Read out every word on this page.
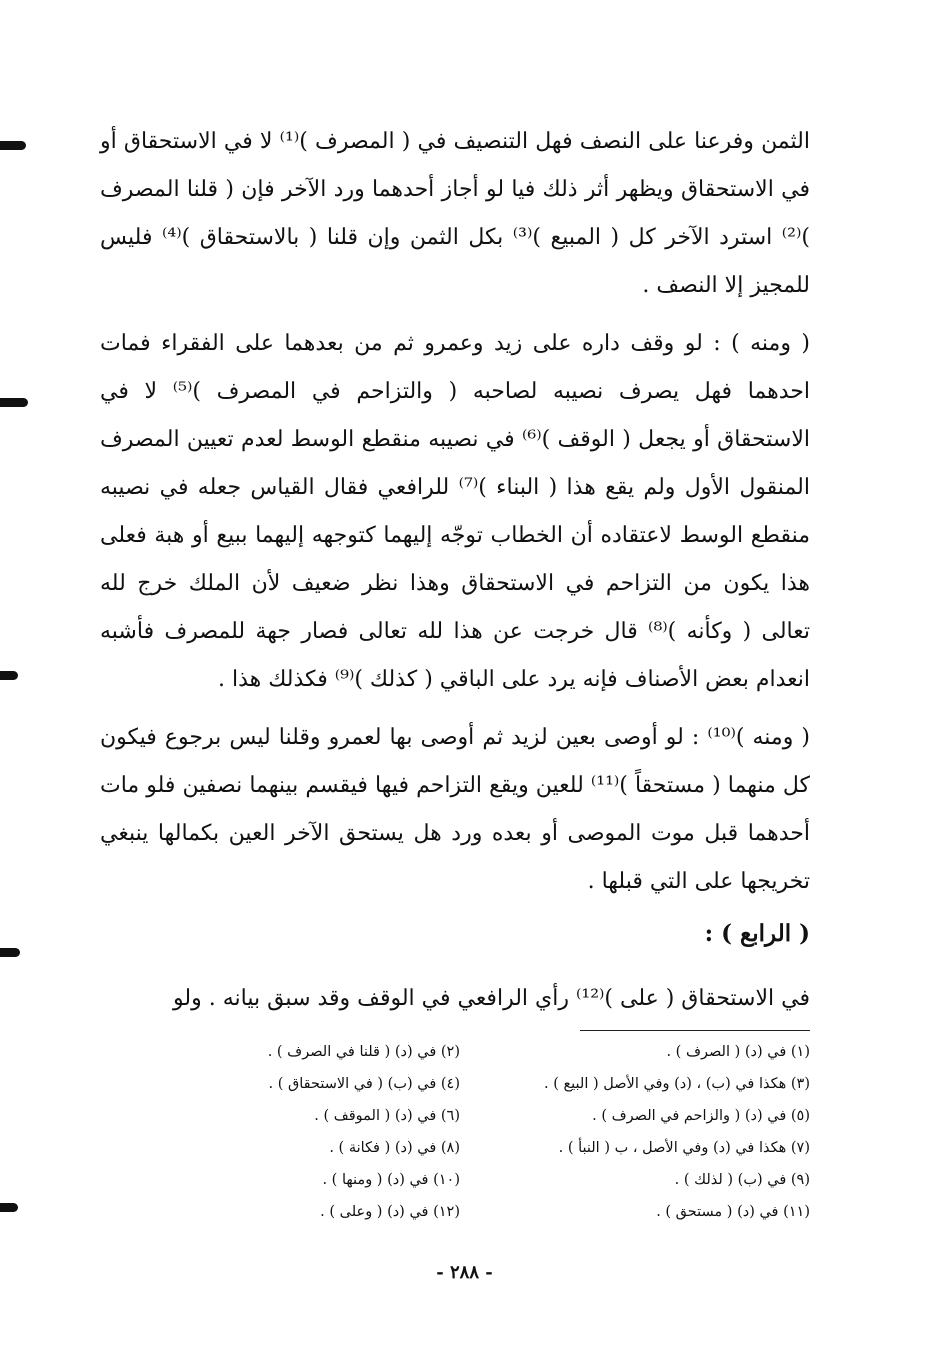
الثمن وفرعنا على النصف فهل التنصيف في ( المصرف )⁽¹⁾ لا في الاستحقاق أو في الاستحقاق ويظهر أثر ذلك فيا لو أجاز أحدهما ورد الآخر فإن ( قلنا المصرف )⁽²⁾ استرد الآخر كل ( المبيع )⁽³⁾ بكل الثمن وإن قلنا ( بالاستحقاق )⁽⁴⁾ فليس للمجيز إلا النصف .

( ومنه ) : لو وقف داره على زيد وعمرو ثم من بعدهما على الفقراء فمات احدهما فهل يصرف نصيبه لصاحبه ( والتزاحم في المصرف )⁽⁵⁾ لا في الاستحقاق أو يجعل ( الوقف )⁽⁶⁾ في نصيبه منقطع الوسط لعدم تعيين المصرف المنقول الأول ولم يقع هذا ( البناء )⁽⁷⁾ للرافعي فقال القياس جعله في نصيبه منقطع الوسط لاعتقاده أن الخطاب توجّه إليهما كتوجهه إليهما ببيع أو هبة فعلى هذا يكون من التزاحم في الاستحقاق وهذا نظر ضعيف لأن الملك خرج لله تعالى ( وكأنه )⁽⁸⁾ قال خرجت عن هذا لله تعالى فصار جهة للمصرف فأشبه انعدام بعض الأصناف فإنه يرد على الباقي ( كذلك )⁽⁹⁾ فكذلك هذا .

( ومنه )⁽¹⁰⁾ : لو أوصى بعين لزيد ثم أوصى بها لعمرو وقلنا ليس برجوع فيكون كل منهما ( مستحقاً )⁽¹¹⁾ للعين ويقع التزاحم فيها فيقسم بينهما نصفين فلو مات أحدهما قبل موت الموصى أو بعده ورد هل يستحق الآخر العين بكمالها ينبغي تخريجها على التي قبلها .

( الرابع ) :
في الاستحقاق ( على )⁽¹²⁾ رأي الرافعي في الوقف وقد سبق بيانه . ولو
(١) في (د) ( الصرف ) .
(٢) في (د) ( قلنا في الصرف ) .
(٣) هكذا في (ب) ، (د) وفي الأصل ( البيع ) .
(٤) في (ب) ( في الاستحقاق ) .
(٥) في (د) ( والزاحم في الصرف ) .
(٦) في (د) ( الموقف ) .
(٧) هكذا في (د) وفي الأصل ، ب ( النبأ ) .
(٨) في (د) ( فكانة ) .
(٩) في (ب) ( لذلك ) .
(١٠) في (د) ( ومنها ) .
(١١) في (د) ( مستحق ) .
(١٢) في (د) ( وعلى ) .
- ٢٨٨ -
